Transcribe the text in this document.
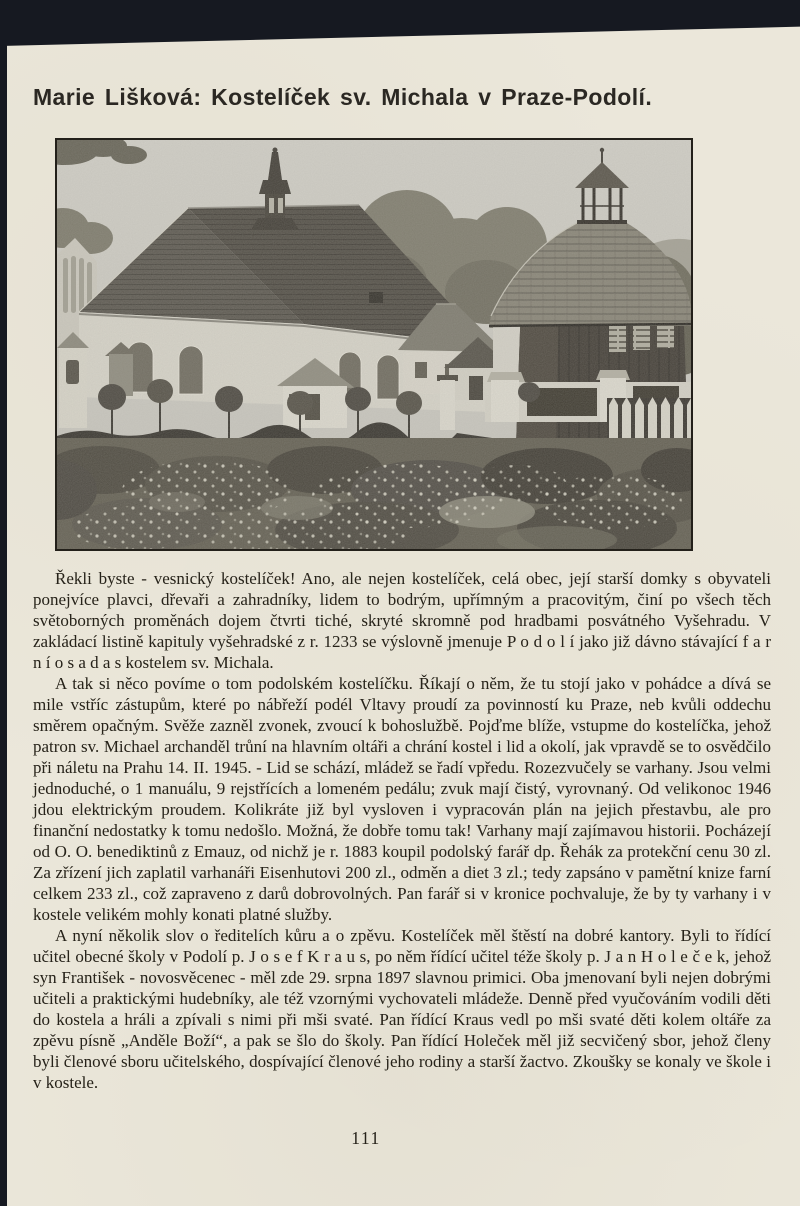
Marie Lišková: Kostelíček sv. Michala v Praze-Podolí.

Řekli byste - vesnický kostelíček! Ano, ale nejen kostelíček, celá obec, její starší domky s obyvateli ponejvíce plavci, dřevaři a zahradníky, lidem to bodrým, upřímným a pracovitým, činí po všech těch světoborných proměnách dojem čtvrti tiché, skryté skromně pod hradbami posvátného Vyšehradu. V zakládací listině kapituly vyšehradské z r. 1233 se výslovně jmenuje P o d o l í jako již dávno stávající f a r n í o s a d a s kostelem sv. Michala.

A tak si něco povíme o tom podolském kostelíčku. Říkají o něm, že tu stojí jako v pohádce a dívá se mile vstříc zástupům, které po nábřeží podél Vltavy proudí za povinností ku Praze, neb kvůli oddechu směrem opačným. Svěže zazněl zvonek, zvoucí k bohoslužbě. Pojďme blíže, vstupme do kostelíčka, jehož patron sv. Michael archanděl trůní na hlavním oltáři a chrání kostel i lid a okolí, jak vpravdě se to osvědčilo při náletu na Prahu 14. II. 1945. - Lid se schází, mládež se řadí vpředu. Rozezvučely se varhany. Jsou velmi jednoduché, o 1 manuálu, 9 rejstřících a lomeném pedálu; zvuk mají čistý, vyrovnaný. Od velikonoc 1946 jdou elektrickým proudem. Kolikráte již byl vysloven i vypracován plán na jejich přestavbu, ale pro finanční nedostatky k tomu nedošlo. Možná, že dobře tomu tak! Varhany mají zajímavou historii. Pocházejí od O. O. benediktinů z Emauz, od nichž je r. 1883 koupil podolský farář dp. Řehák za protekční cenu 30 zl. Za zřízení jich zaplatil varhanáři Eisenhutovi 200 zl., odměn a diet 3 zl.; tedy zapsáno v pamětní knize farní celkem 233 zl., což zapraveno z darů dobrovolných. Pan farář si v kronice pochvaluje, že by ty varhany i v kostele velikém mohly konati platné služby.

A nyní několik slov o ředitelích kůru a o zpěvu. Kostelíček měl štěstí na dobré kantory. Byli to řídící učitel obecné školy v Podolí p. J o s e f K r a u s, po něm řídící učitel téže školy p. J a n H o l e č e k, jehož syn František - novosvěcenec - měl zde 29. srpna 1897 slavnou primici. Oba jmenovaní byli nejen dobrými učiteli a praktickými hudebníky, ale též vzornými vychovateli mládeže. Denně před vyučováním vodili děti do kostela a hráli a zpívali s nimi při mši svaté. Pan řídící Kraus vedl po mši svaté děti kolem oltáře za zpěvu písně „Anděle Boží“, a pak se šlo do školy. Pan řídící Holeček měl již secvičený sbor, jehož členy byli členové sboru učitelského, dospívající členové jeho rodiny a starší žactvo. Zkoušky se konaly ve škole i v kostele.

111
